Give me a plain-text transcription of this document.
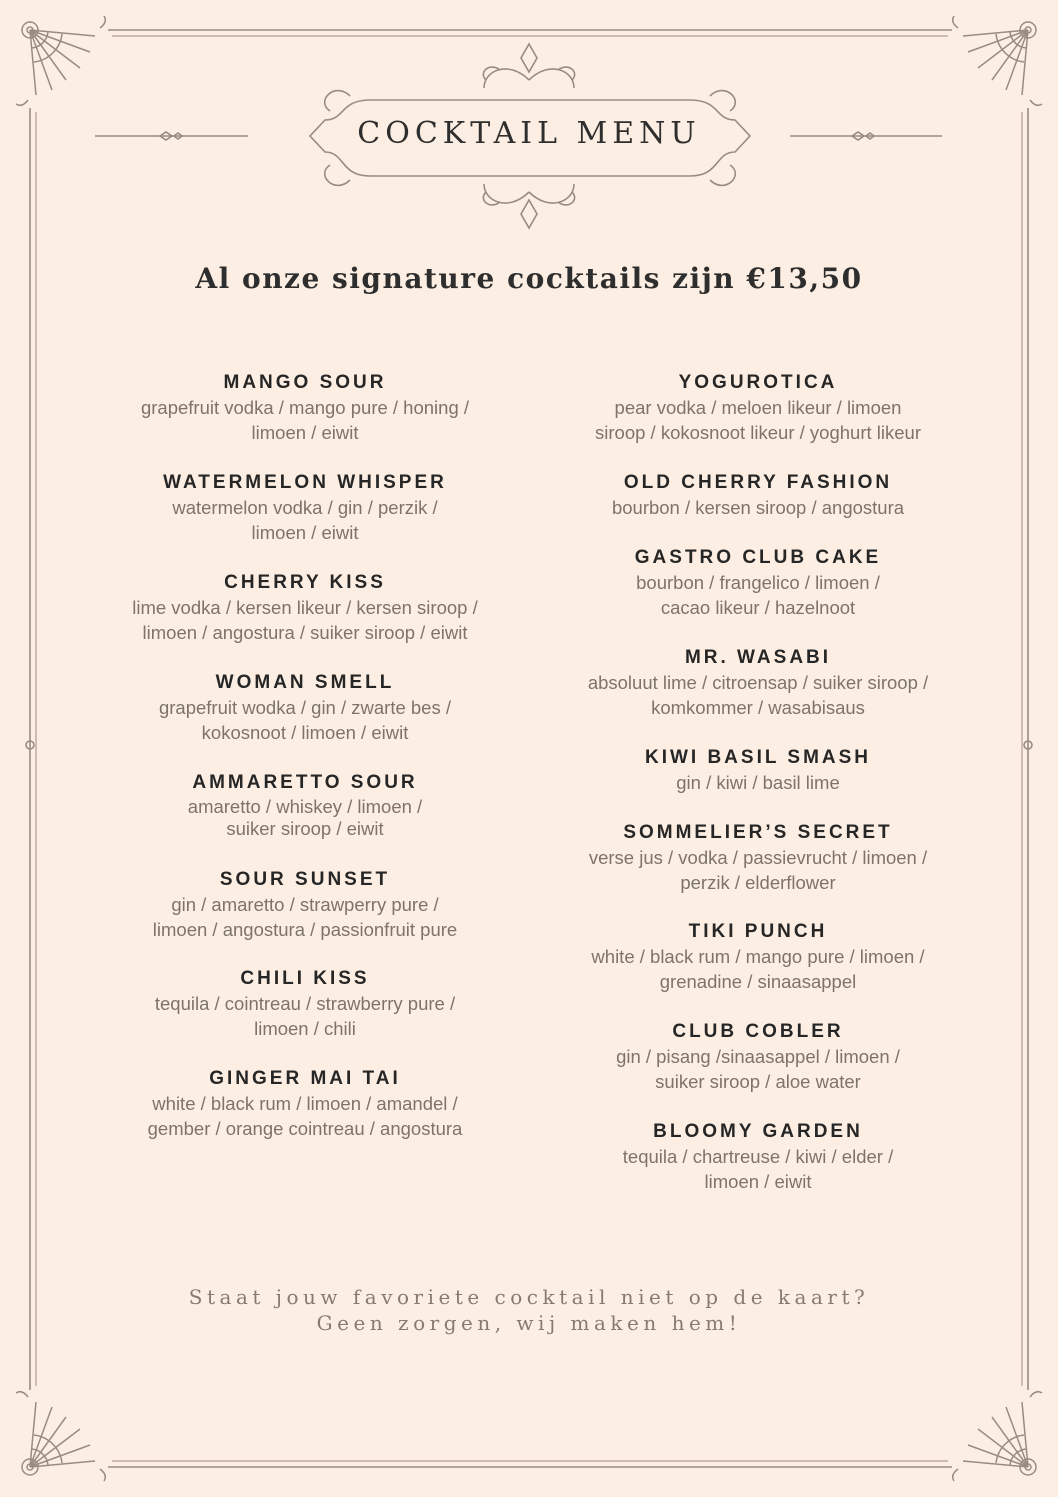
COCKTAIL MENU
Al onze signature cocktails zijn €13,50
MANGO SOUR
grapefruit vodka / mango pure / honing /
limoen / eiwit
WATERMELON WHISPER
watermelon vodka / gin / perzik /
limoen / eiwit
CHERRY KISS
lime vodka / kersen likeur / kersen siroop /
limoen / angostura / suiker siroop / eiwit
WOMAN SMELL
grapefruit wodka / gin / zwarte bes /
kokosnoot / limoen / eiwit
AMMARETTO SOUR
amaretto / whiskey / limoen /
suiker siroop / eiwit
SOUR SUNSET
gin / amaretto / strawperry pure /
limoen / angostura / passionfruit pure
CHILI KISS
tequila / cointreau / strawberry pure /
limoen / chili
GINGER MAI TAI
white / black rum / limoen / amandel /
gember / orange cointreau / angostura
YOGUROTICA
pear vodka / meloen likeur / limoen
siroop / kokosnoot likeur / yoghurt likeur
OLD CHERRY FASHION
bourbon / kersen siroop / angostura
GASTRO CLUB CAKE
bourbon / frangelico / limoen /
cacao likeur / hazelnoot
MR. WASABI
absoluut lime / citroensap / suiker siroop /
komkommer / wasabisaus
KIWI BASIL SMASH
gin / kiwi / basil lime
SOMMELIER’S SECRET
verse jus / vodka / passievrucht / limoen /
perzik / elderflower
TIKI PUNCH
white / black rum / mango pure / limoen /
grenadine / sinaasappel
CLUB COBLER
gin / pisang /sinaasappel / limoen /
suiker siroop / aloe water
BLOOMY GARDEN
tequila / chartreuse / kiwi / elder /
limoen / eiwit
Staat jouw favoriete cocktail niet op de kaart?
Geen zorgen, wij maken hem!
